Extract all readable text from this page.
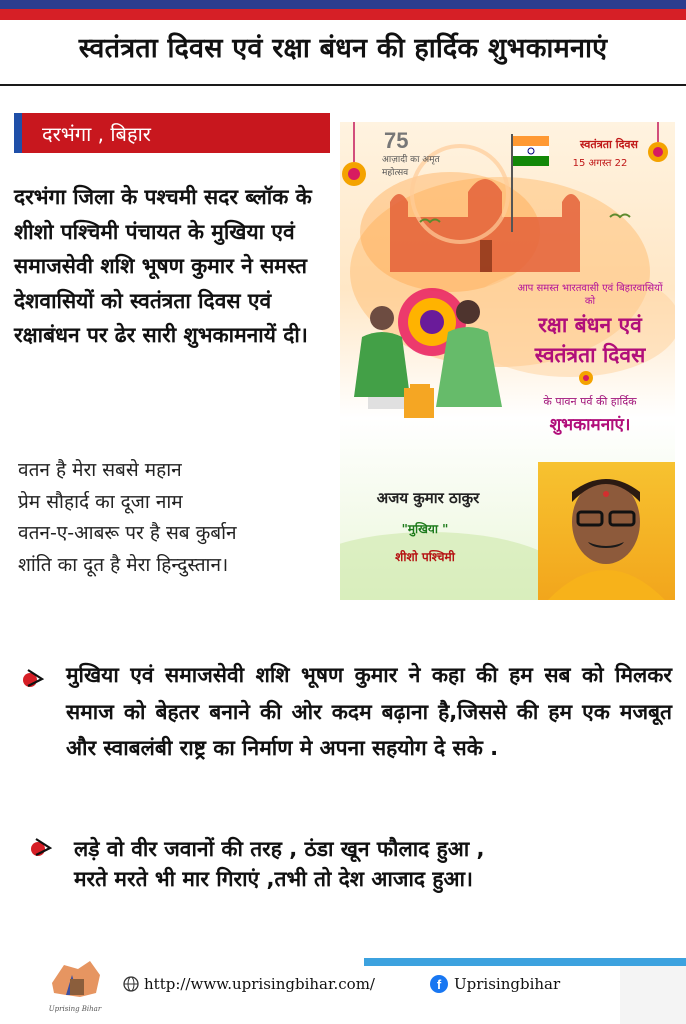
स्वतंत्रता दिवस एवं रक्षा बंधन की हार्दिक शुभकामनाएं
दरभंगा , बिहार

दरभंगा जिला के पश्चमी सदर ब्लॉक के शीशो पश्चिमी पंचायत के मुखिया एवं समाजसेवी शशि भूषण कुमार ने समस्त देशवासियों को स्वतंत्रता दिवस एवं रक्षाबंधन पर ढेर सारी शुभकामनायें दी।

वतन है मेरा सबसे महान
प्रेम सौहार्द का दूजा नाम
वतन-ए-आबरू पर है सब कुर्बान
शांति का दूत है मेरा हिन्दुस्तान।
75
आज़ादी का अमृत महोत्सव
स्वतंत्रता दिवस
15 अगस्त 22
आप समस्त भारतवासी एवं बिहारवासियों को
रक्षा बंधन एवं स्वतंत्रता दिवस
के पावन पर्व की हार्दिक
शुभकामनाएं।
अजय कुमार ठाकुर
"मुखिया "
शीशो पश्चिमी

मुखिया एवं समाजसेवी शशि भूषण कुमार ने कहा की हम सब को मिलकर समाज को बेहतर बनाने की ओर कदम बढ़ाना है,जिससे की हम एक मजबूत और स्वाबलंबी राष्ट्र का निर्माण मे अपना सहयोग दे सके .

लड़े वो वीर जवानों की तरह , ठंडा खून फौलाद हुआ ,
मरते मरते भी मार गिराएं ,तभी तो देश आजाद हुआ।
Uprising Bihar
http://www.uprisingbihar.com/	f Uprisingbihar
